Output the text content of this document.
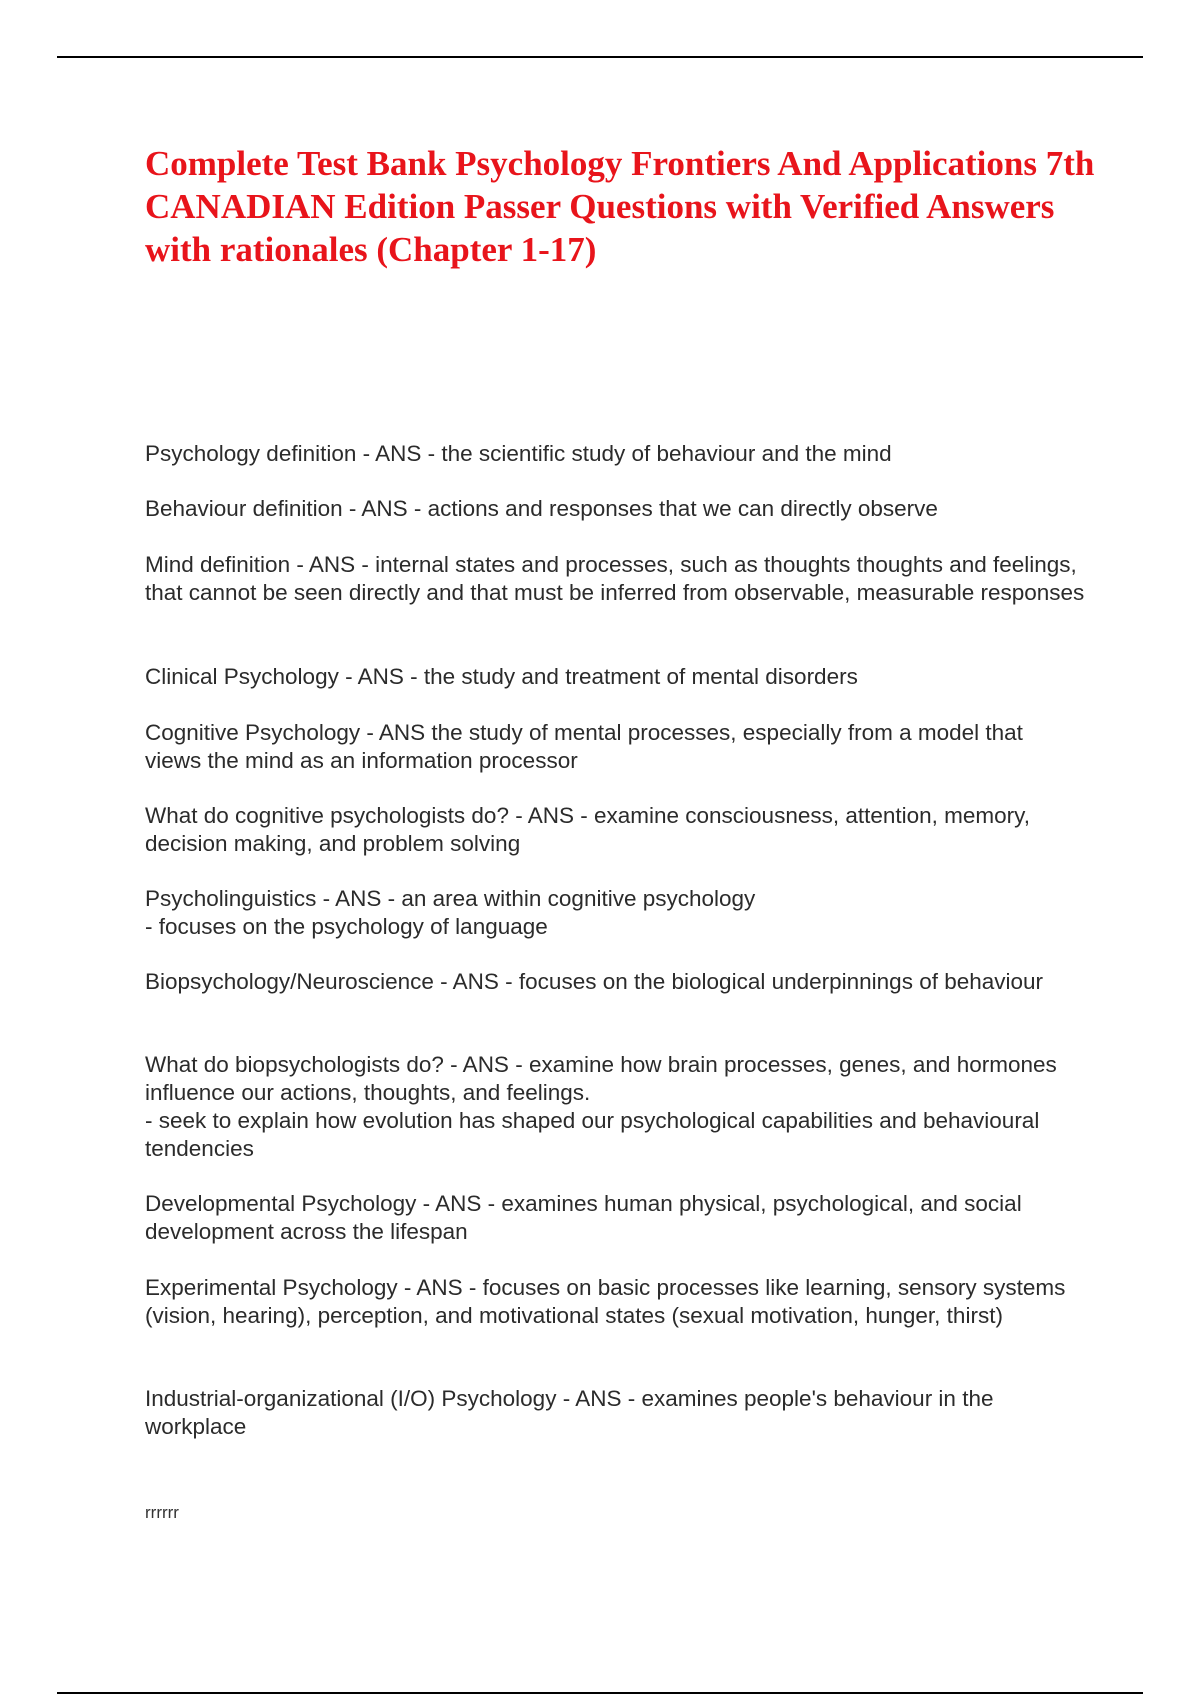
Complete Test Bank Psychology Frontiers And Applications 7th CANADIAN Edition Passer Questions with Verified Answers with rationales (Chapter 1-17)

Psychology definition - ANS - the scientific study of behaviour and the mind

Behaviour definition - ANS - actions and responses that we can directly observe

Mind definition - ANS - internal states and processes, such as thoughts thoughts and feelings, that cannot be seen directly and that must be inferred from observable, measurable responses

Clinical Psychology - ANS - the study and treatment of mental disorders

Cognitive Psychology - ANS the study of mental processes, especially from a model that views the mind as an information processor

What do cognitive psychologists do? - ANS - examine consciousness, attention, memory, decision making, and problem solving

Psycholinguistics - ANS - an area within cognitive psychology
- focuses on the psychology of language

Biopsychology/Neuroscience - ANS - focuses on the biological underpinnings of behaviour

What do biopsychologists do? - ANS - examine how brain processes, genes, and hormones influence our actions, thoughts, and feelings.
- seek to explain how evolution has shaped our psychological capabilities and behavioural tendencies

Developmental Psychology - ANS - examines human physical, psychological, and social development across the lifespan

Experimental Psychology - ANS - focuses on basic processes like learning, sensory systems (vision, hearing), perception, and motivational states (sexual motivation, hunger, thirst)

Industrial-organizational (I/O) Psychology - ANS - examines people's behaviour in the workplace

rrrrrr
